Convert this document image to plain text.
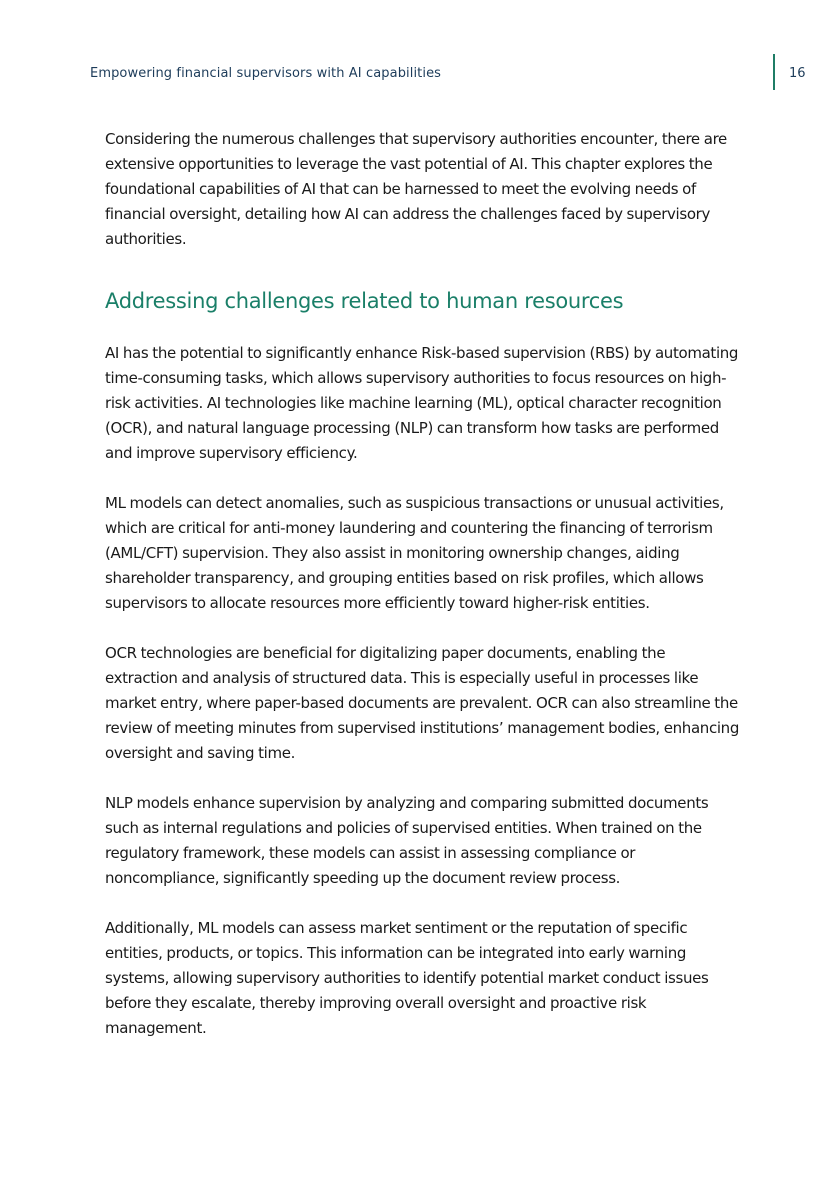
Empowering financial supervisors with AI capabilities	16

Considering the numerous challenges that supervisory authorities encounter, there are extensive opportunities to leverage the vast potential of AI. This chapter explores the foundational capabilities of AI that can be harnessed to meet the evolving needs of financial oversight, detailing how AI can address the challenges faced by supervisory authorities.

Addressing challenges related to human resources

AI has the potential to significantly enhance Risk-based supervision (RBS) by automating time-consuming tasks, which allows supervisory authorities to focus resources on high-risk activities. AI technologies like machine learning (ML), optical character recognition (OCR), and natural language processing (NLP) can transform how tasks are performed and improve supervisory efficiency.

ML models can detect anomalies, such as suspicious transactions or unusual activities, which are critical for anti-money laundering and countering the financing of terrorism (AML/CFT) supervision. They also assist in monitoring ownership changes, aiding shareholder transparency, and grouping entities based on risk profiles, which allows supervisors to allocate resources more efficiently toward higher-risk entities.

OCR technologies are beneficial for digitalizing paper documents, enabling the extraction and analysis of structured data. This is especially useful in processes like market entry, where paper-based documents are prevalent. OCR can also streamline the review of meeting minutes from supervised institutions’ management bodies, enhancing oversight and saving time.

NLP models enhance supervision by analyzing and comparing submitted documents such as internal regulations and policies of supervised entities. When trained on the regulatory framework, these models can assist in assessing compliance or noncompliance, significantly speeding up the document review process.

Additionally, ML models can assess market sentiment or the reputation of specific entities, products, or topics. This information can be integrated into early warning systems, allowing supervisory authorities to identify potential market conduct issues before they escalate, thereby improving overall oversight and proactive risk management.
